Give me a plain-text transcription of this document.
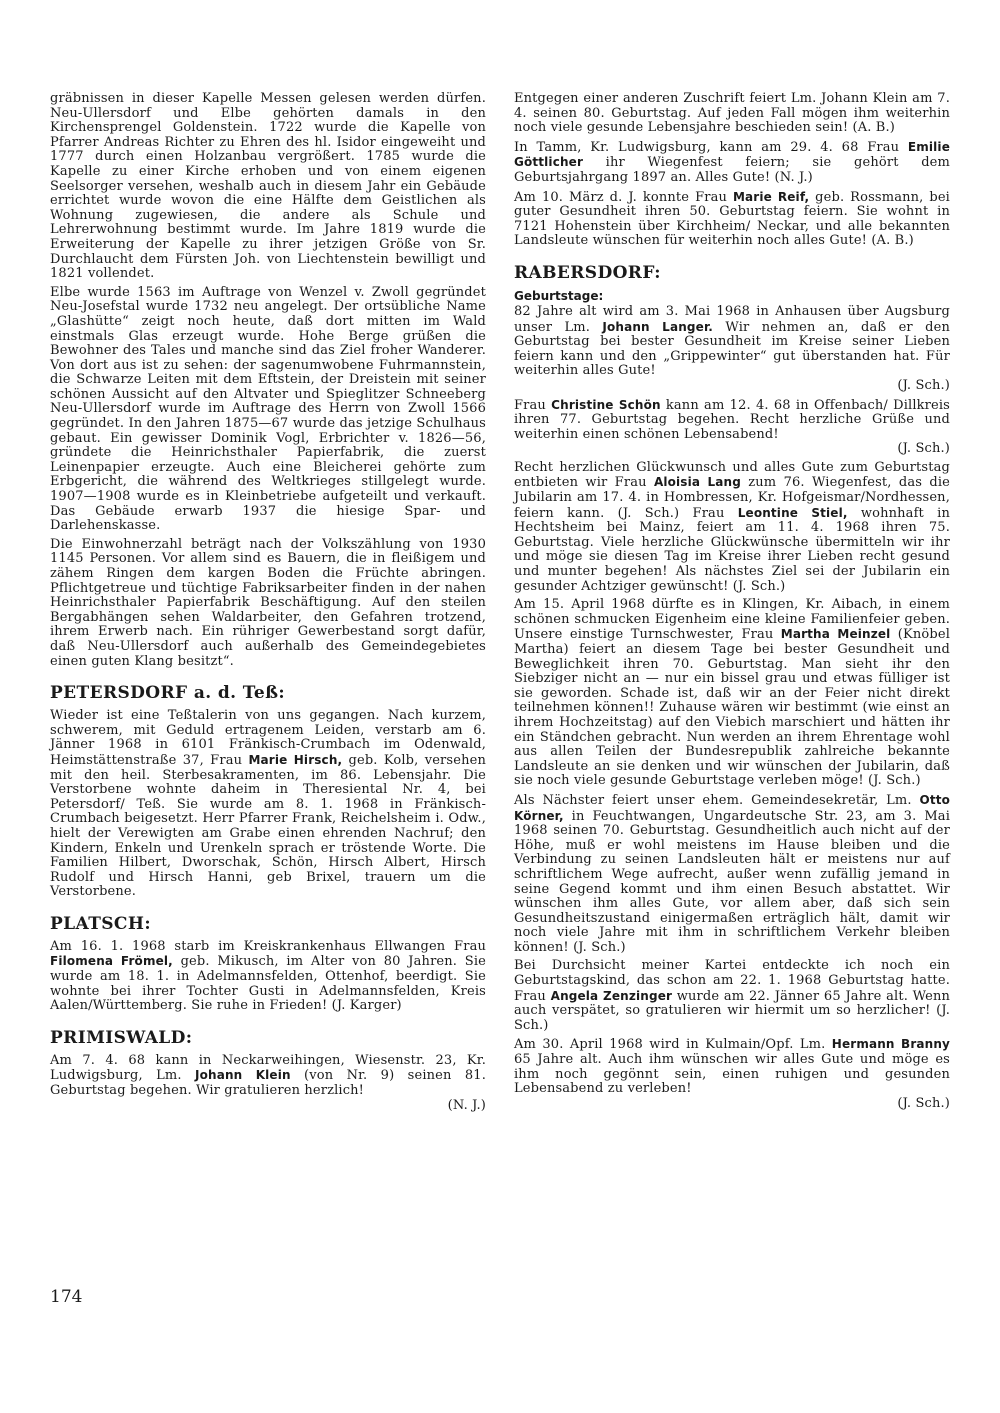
gräbnissen in dieser Kapelle Messen gelesen werden dürfen. Neu-Ullersdorf und Elbe gehörten damals in den Kirchensprengel Goldenstein. 1722 wurde die Kapelle von Pfarrer Andreas Richter zu Ehren des hl. Isidor eingeweiht und 1777 durch einen Holzanbau vergrößert. 1785 wurde die Kapelle zu einer Kirche erhoben und von einem eigenen Seelsorger versehen, weshalb auch in diesem Jahr ein Gebäude errichtet wurde wovon die eine Hälfte dem Geistlichen als Wohnung zugewiesen, die andere als Schule und Lehrerwohnung bestimmt wurde. Im Jahre 1819 wurde die Erweiterung der Kapelle zu ihrer jetzigen Größe von Sr. Durchlaucht dem Fürsten Joh. von Liechtenstein bewilligt und 1821 vollendet.

Elbe wurde 1563 im Auftrage von Wenzel v. Zwoll gegründet Neu-Josefstal wurde 1732 neu angelegt. Der ortsübliche Name „Glashütte“ zeigt noch heute, daß dort mitten im Wald einstmals Glas erzeugt wurde. Hohe Berge grüßen die Bewohner des Tales und manche sind das Ziel froher Wanderer. Von dort aus ist zu sehen: der sagenumwobene Fuhrmannstein, die Schwarze Leiten mit dem Eftstein, der Dreistein mit seiner schönen Aussicht auf den Altvater und Spieglitzer Schneeberg Neu-Ullersdorf wurde im Auftrage des Herrn von Zwoll 1566 gegründet. In den Jahren 1875—67 wurde das jetzige Schulhaus gebaut. Ein gewisser Dominik Vogl, Erbrichter v. 1826—56, gründete die Heinrichsthaler Papierfabrik, die zuerst Leinenpapier erzeugte. Auch eine Bleicherei gehörte zum Erbgericht, die während des Weltkrieges stillgelegt wurde. 1907—1908 wurde es in Kleinbetriebe aufgeteilt und verkauft. Das Gebäude erwarb 1937 die hiesige Spar- und Darlehenskasse.

Die Einwohnerzahl beträgt nach der Volkszählung von 1930 1145 Personen. Vor allem sind es Bauern, die in fleißigem und zähem Ringen dem kargen Boden die Früchte abringen. Pflichtgetreue und tüchtige Fabriksarbeiter finden in der nahen Heinrichsthaler Papierfabrik Beschäftigung. Auf den steilen Bergabhängen sehen Waldarbeiter, den Gefahren trotzend, ihrem Erwerb nach. Ein rühriger Gewerbestand sorgt dafür, daß Neu-Ullersdorf auch außerhalb des Gemeindegebietes einen guten Klang besitzt“.

PETERSDORF a. d. Teß:

Wieder ist eine Teßtalerin von uns gegangen. Nach kurzem, schwerem, mit Geduld ertragenem Leiden, verstarb am 6. Jänner 1968 in 6101 Fränkisch-Crumbach im Odenwald, Heimstättenstraße 37, Frau Marie Hirsch, geb. Kolb, versehen mit den heil. Sterbesakramenten, im 86. Lebensjahr. Die Verstorbene wohnte daheim in Theresiental Nr. 4, bei Petersdorf/ Teß. Sie wurde am 8. 1. 1968 in Fränkisch-Crumbach beigesetzt. Herr Pfarrer Frank, Reichelsheim i. Odw., hielt der Verewigten am Grabe einen ehrenden Nachruf; den Kindern, Enkeln und Urenkeln sprach er tröstende Worte. Die Familien Hilbert, Dworschak, Schön, Hirsch Albert, Hirsch Rudolf und Hirsch Hanni, geb Brixel, trauern um die Verstorbene.

PLATSCH:

Am 16. 1. 1968 starb im Kreiskrankenhaus Ellwangen Frau Filomena Frömel, geb. Mikusch, im Alter von 80 Jahren. Sie wurde am 18. 1. in Adelmannsfelden, Ottenhof, beerdigt. Sie wohnte bei ihrer Tochter Gusti in Adelmannsfelden, Kreis Aalen/Württemberg. Sie ruhe in Frieden! (J. Karger)

PRIMISWALD:

Am 7. 4. 68 kann in Neckarweihingen, Wiesenstr. 23, Kr. Ludwigsburg, Lm. Johann Klein (von Nr. 9) seinen 81. Geburtstag begehen. Wir gratulieren herzlich!
(N. J.)

Entgegen einer anderen Zuschrift feiert Lm. Johann Klein am 7. 4. seinen 80. Geburtstag. Auf jeden Fall mögen ihm weiterhin noch viele gesunde Lebensjahre beschieden sein! (A. B.)

In Tamm, Kr. Ludwigsburg, kann am 29. 4. 68 Frau Emilie Göttlicher ihr Wiegenfest feiern; sie gehört dem Geburtsjahrgang 1897 an. Alles Gute! (N. J.)

Am 10. März d. J. konnte Frau Marie Reif, geb. Rossmann, bei guter Gesundheit ihren 50. Geburtstag feiern. Sie wohnt in 7121 Hohenstein über Kirchheim/ Neckar, und alle bekannten Landsleute wünschen für weiterhin noch alles Gute! (A. B.)

RABERSDORF:
Geburtstage:

82 Jahre alt wird am 3. Mai 1968 in Anhausen über Augsburg unser Lm. Johann Langer. Wir nehmen an, daß er den Geburtstag bei bester Gesundheit im Kreise seiner Lieben feiern kann und den „Grippewinter“ gut überstanden hat. Für weiterhin alles Gute!
(J. Sch.)

Frau Christine Schön kann am 12. 4. 68 in Offenbach/ Dillkreis ihren 77. Geburtstag begehen. Recht herzliche Grüße und weiterhin einen schönen Lebensabend!
(J. Sch.)

Recht herzlichen Glückwunsch und alles Gute zum Geburtstag entbieten wir Frau Aloisia Lang zum 76. Wiegenfest, das die Jubilarin am 17. 4. in Hombressen, Kr. Hofgeismar/Nordhessen, feiern kann. (J. Sch.) Frau Leontine Stiel, wohnhaft in Hechtsheim bei Mainz, feiert am 11. 4. 1968 ihren 75. Geburtstag. Viele herzliche Glückwünsche übermitteln wir ihr und möge sie diesen Tag im Kreise ihrer Lieben recht gesund und munter begehen! Als nächstes Ziel sei der Jubilarin ein gesunder Achtziger gewünscht! (J. Sch.)

Am 15. April 1968 dürfte es in Klingen, Kr. Aibach, in einem schönen schmucken Eigenheim eine kleine Familienfeier geben. Unsere einstige Turnschwester, Frau Martha Meinzel (Knöbel Martha) feiert an diesem Tage bei bester Gesundheit und Beweglichkeit ihren 70. Geburtstag. Man sieht ihr den Siebziger nicht an — nur ein bissel grau und etwas fülliger ist sie geworden. Schade ist, daß wir an der Feier nicht direkt teilnehmen können!! Zuhause wären wir bestimmt (wie einst an ihrem Hochzeitstag) auf den Viebich marschiert und hätten ihr ein Ständchen gebracht. Nun werden an ihrem Ehrentage wohl aus allen Teilen der Bundesrepublik zahlreiche bekannte Landsleute an sie denken und wir wünschen der Jubilarin, daß sie noch viele gesunde Geburtstage verleben möge! (J. Sch.)

Als Nächster feiert unser ehem. Gemeindesekretär, Lm. Otto Körner, in Feuchtwangen, Ungardeutsche Str. 23, am 3. Mai 1968 seinen 70. Geburtstag. Gesundheitlich auch nicht auf der Höhe, muß er wohl meistens im Hause bleiben und die Verbindung zu seinen Landsleuten hält er meistens nur auf schriftlichem Wege aufrecht, außer wenn zufällig jemand in seine Gegend kommt und ihm einen Besuch abstattet. Wir wünschen ihm alles Gute, vor allem aber, daß sich sein Gesundheitszustand einigermaßen erträglich hält, damit wir noch viele Jahre mit ihm in schriftlichem Verkehr bleiben können! (J. Sch.)

Bei Durchsicht meiner Kartei entdeckte ich noch ein Geburtstagskind, das schon am 22. 1. 1968 Geburtstag hatte. Frau Angela Zenzinger wurde am 22. Jänner 65 Jahre alt. Wenn auch verspätet, so gratulieren wir hiermit um so herzlicher! (J. Sch.)

Am 30. April 1968 wird in Kulmain/Opf. Lm. Hermann Branny 65 Jahre alt. Auch ihm wünschen wir alles Gute und möge es ihm noch gegönnt sein, einen ruhigen und gesunden Lebensabend zu verleben!
(J. Sch.)

174
